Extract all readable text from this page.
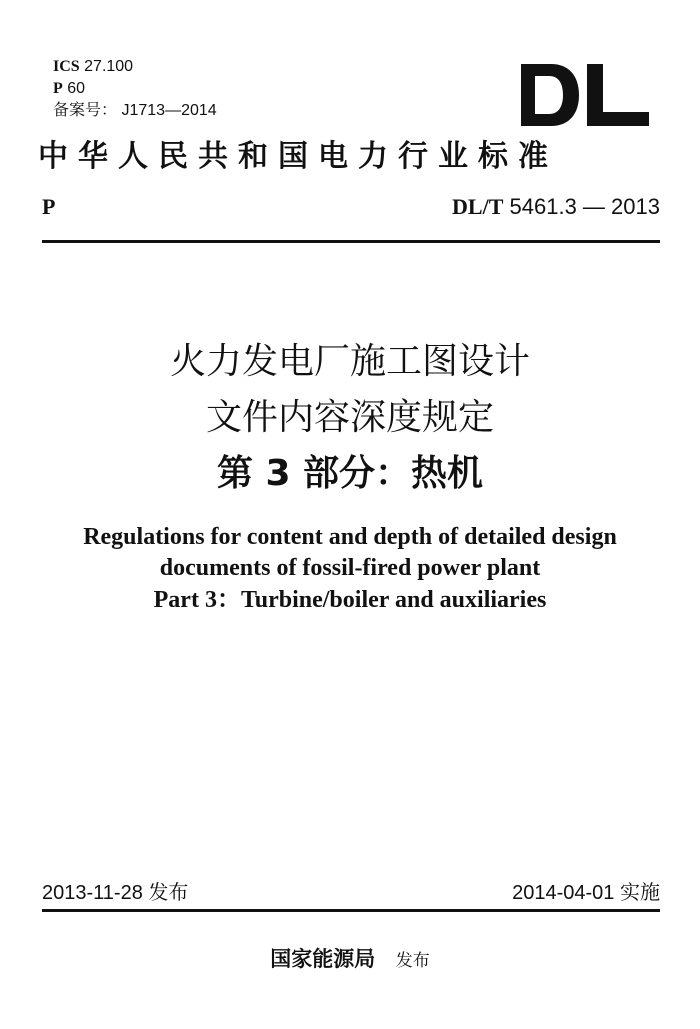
ICS 27.100
P 60
备案号： J1713—2014
中华人民共和国电力行业标准
P	DL/T 5461.3 — 2013
火力发电厂施工图设计
文件内容深度规定
第 3 部分：热机
Regulations for content and depth of detailed design
documents of fossil-fired power plant
Part 3：Turbine/boiler and auxiliaries
2013-11-28 发布	2014-04-01 实施
国家能源局 发布
